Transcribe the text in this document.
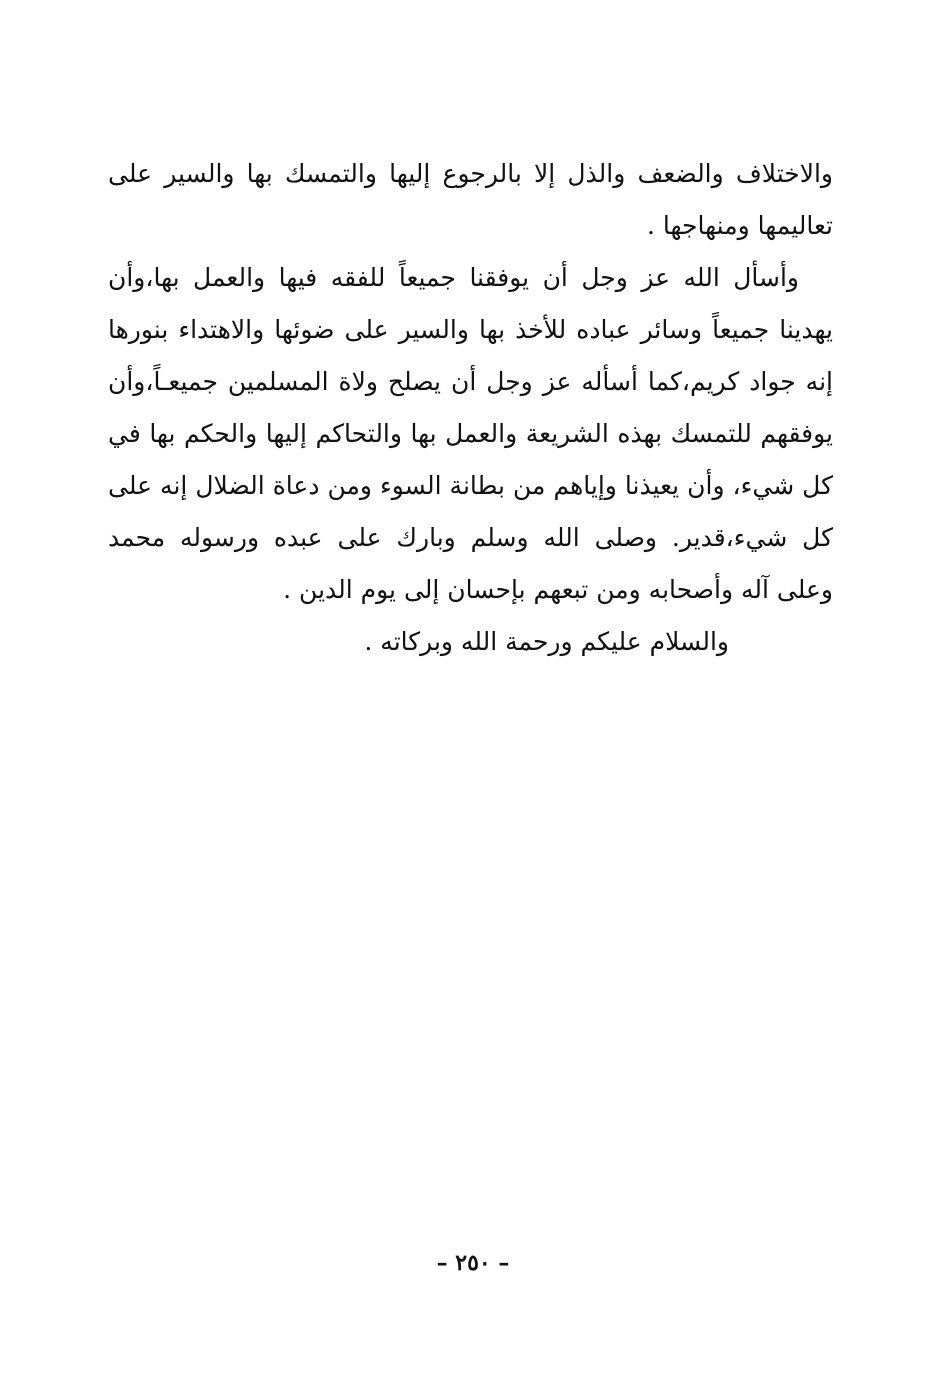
والاختلاف والضعف والذل إلا بالرجوع إليها والتمسك بها والسير على تعاليمها ومنهاجها .

وأسأل الله عز وجل أن يوفقنا جميعاً للفقه فيها والعمل بها،وأن يهدينا جميعاً وسائر عباده للأخذ بها والسير على ضوئها والاهتداء بنورها إنه جواد كريم،كما أسأله عز وجل أن يصلح ولاة المسلمين جميعـاً،وأن يوفقهم للتمسك بهذه الشريعة والعمل بها والتحاكم إليها والحكم بها في كل شيء، وأن يعيذنا وإياهم من بطانة السوء ومن دعاة الضلال إنه على كل شيء،قدير. وصلى الله وسلم وبارك على عبده ورسوله محمد وعلى آله وأصحابه ومن تبعهم بإحسان إلى يوم الدين .

والسلام عليكم ورحمة الله وبركاته .

– ٢٥٠ –
